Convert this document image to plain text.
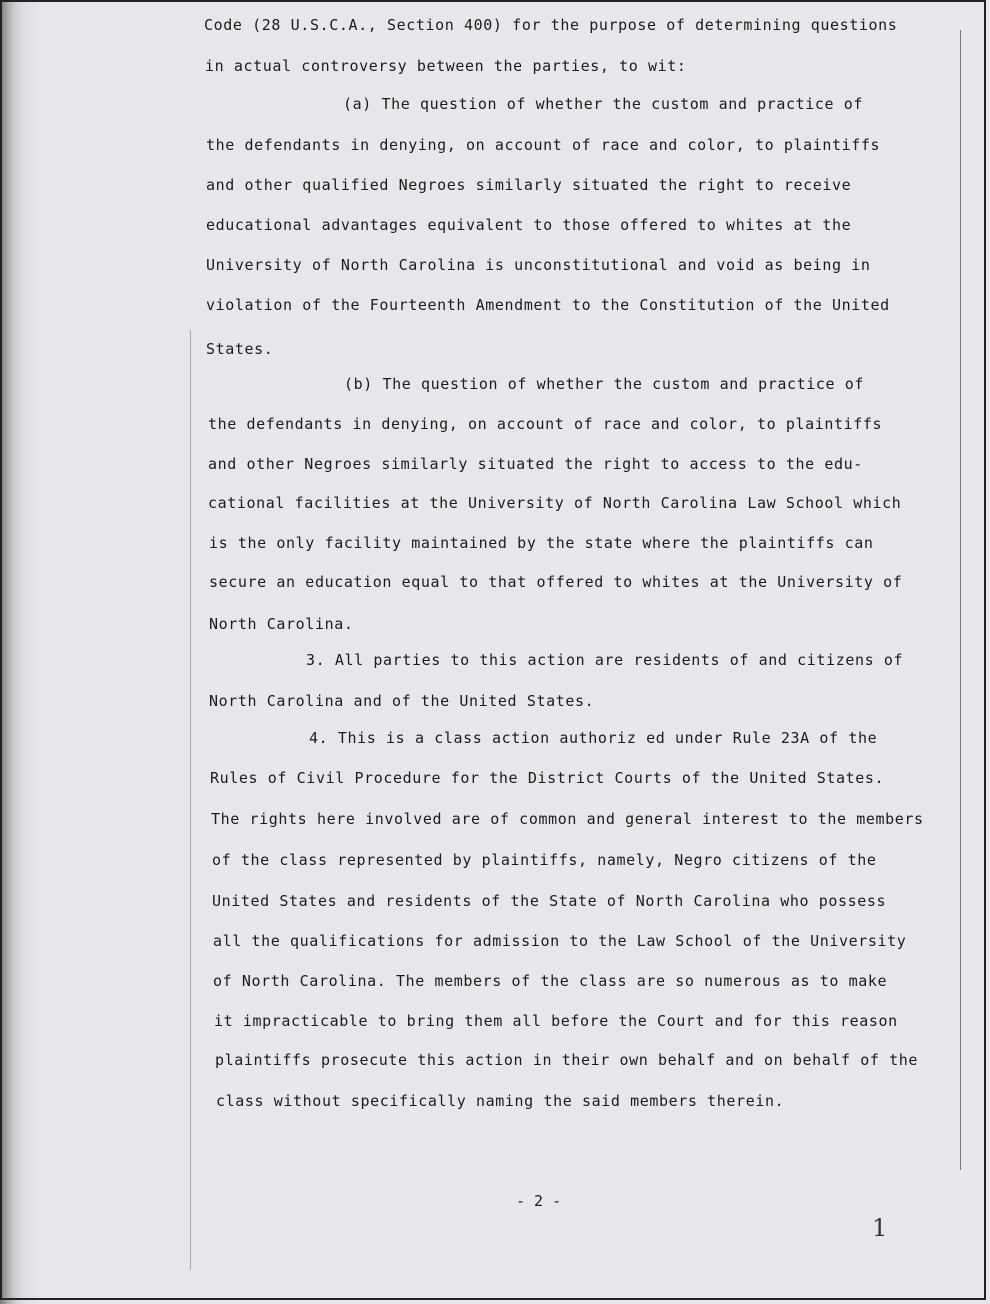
Code (28 U.S.C.A., Section 400) for the purpose of determining questions
in actual controversy between the parties, to wit:
(a) The question of whether the custom and practice of
the defendants in denying, on account of race and color, to plaintiffs
and other qualified Negroes similarly situated the right to receive
educational advantages equivalent to those offered to whites at the
University of North Carolina is unconstitutional and void as being in
violation of the Fourteenth Amendment to the Constitution of the United
States.
(b) The question of whether the custom and practice of
the defendants in denying, on account of race and color, to plaintiffs
and other Negroes similarly situated the right to access to the edu-
cational facilities at the University of North Carolina Law School which
is the only facility maintained by the state where the plaintiffs can
secure an education equal to that offered to whites at the University of
North Carolina.
3. All parties to this action are residents of and citizens of
North Carolina and of the United States.
4. This is a class action authoriz ed under Rule 23A of the
Rules of Civil Procedure for the District Courts of the United States.
The rights here involved are of common and general interest to the members
of the class represented by plaintiffs, namely, Negro citizens of the
United States and residents of the State of North Carolina who possess
all the qualifications for admission to the Law School of the University
of North Carolina. The members of the class are so numerous as to make
it impracticable to bring them all before the Court and for this reason
plaintiffs prosecute this action in their own behalf and on behalf of the
class without specifically naming the said members therein.
- 2 -
1
